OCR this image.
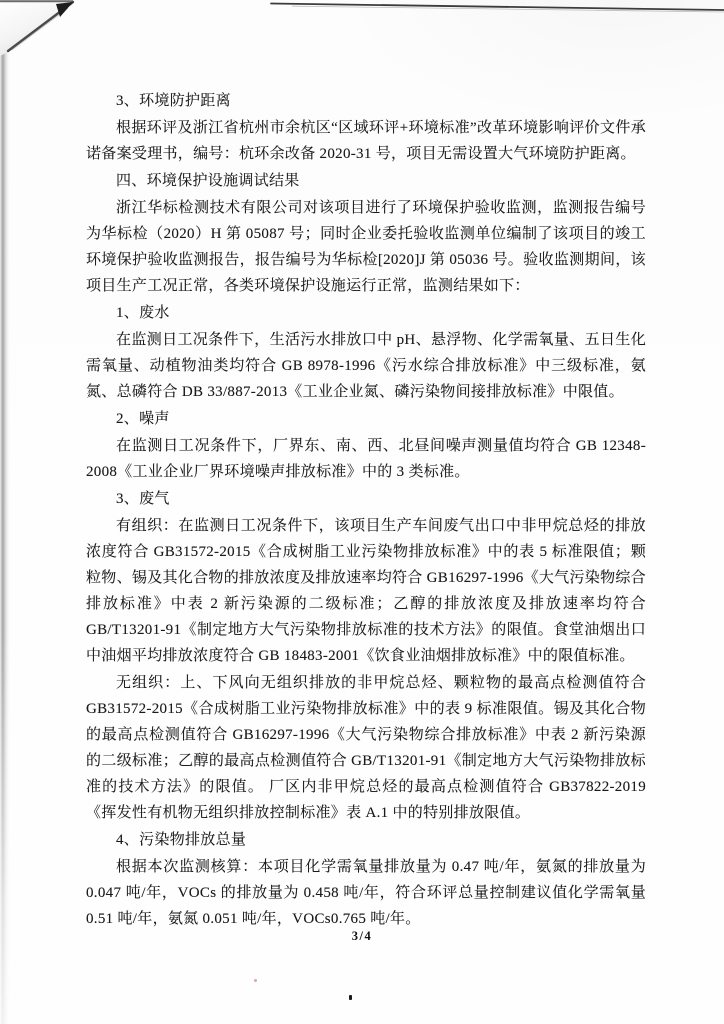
3、环境防护距离

根据环评及浙江省杭州市余杭区“区域环评+环境标准”改革环境影响评价文件承诺备案受理书，编号：杭环余改备 2020-31 号，项目无需设置大气环境防护距离。

四、环境保护设施调试结果

浙江华标检测技术有限公司对该项目进行了环境保护验收监测，监测报告编号为华标检（2020）H 第 05087 号；同时企业委托验收监测单位编制了该项目的竣工环境保护验收监测报告，报告编号为华标检[2020]J 第 05036 号。验收监测期间，该项目生产工况正常，各类环境保护设施运行正常，监测结果如下：

1、废水

在监测日工况条件下，生活污水排放口中 pH、悬浮物、化学需氧量、五日生化需氧量、动植物油类均符合 GB 8978-1996《污水综合排放标准》中三级标准，氨氮、总磷符合 DB 33/887-2013《工业企业氮、磷污染物间接排放标准》中限值。

2、噪声

在监测日工况条件下，厂界东、南、西、北昼间噪声测量值均符合 GB 12348-2008《工业企业厂界环境噪声排放标准》中的 3 类标准。

3、废气

有组织：在监测日工况条件下，该项目生产车间废气出口中非甲烷总烃的排放浓度符合 GB31572-2015《合成树脂工业污染物排放标准》中的表 5 标准限值；颗粒物、锡及其化合物的排放浓度及排放速率均符合 GB16297-1996《大气污染物综合排放标准》中表 2 新污染源的二级标准；乙醇的排放浓度及排放速率均符合 GB/T13201-91《制定地方大气污染物排放标准的技术方法》的限值。食堂油烟出口中油烟平均排放浓度符合 GB 18483-2001《饮食业油烟排放标准》中的限值标准。

无组织：上、下风向无组织排放的非甲烷总烃、颗粒物的最高点检测值符合 GB31572-2015《合成树脂工业污染物排放标准》中的表 9 标准限值。锡及其化合物的最高点检测值符合 GB16297-1996《大气污染物综合排放标准》中表 2 新污染源的二级标准；乙醇的最高点检测值符合 GB/T13201-91《制定地方大气污染物排放标准的技术方法》的限值。 厂区内非甲烷总烃的最高点检测值符合 GB37822-2019《挥发性有机物无组织排放控制标准》表 A.1 中的特别排放限值。

4、污染物排放总量

根据本次监测核算：本项目化学需氧量排放量为 0.47 吨/年，氨氮的排放量为 0.047 吨/年，VOCs 的排放量为 0.458 吨/年，符合环评总量控制建议值化学需氧量 0.51 吨/年，氨氮 0.051 吨/年，VOCs0.765 吨/年。

3/4
